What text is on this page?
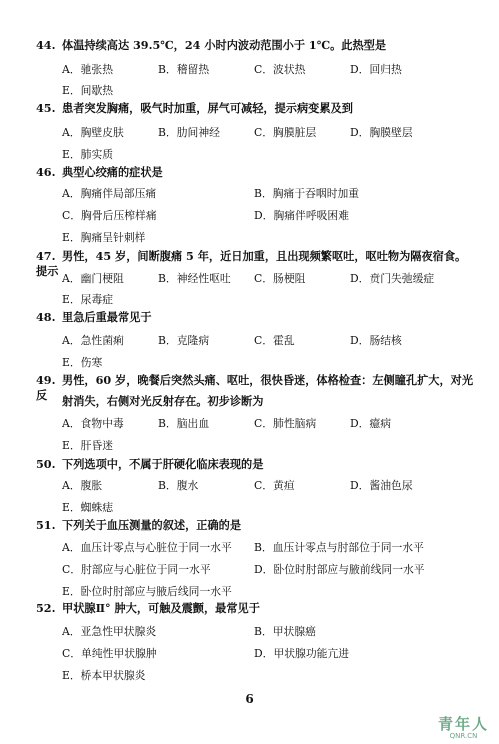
44. 体温持续高达 39.5℃，24 小时内波动范围小于 1℃。此热型是
A．驰张热	B．稽留热	C．波状热	D．回归热
E．间歇热
45. 患者突发胸痛，吸气时加重，屏气可减轻，提示病变累及到
A．胸壁皮肤	B．肋间神经	C．胸膜脏层	D．胸膜壁层
E．肺实质
46. 典型心绞痛的症状是
A．胸痛伴局部压痛	B．胸痛于吞咽时加重
C．胸骨后压榨样痛	D．胸痛伴呼吸困难
E．胸痛呈针刺样
47. 男性，45 岁，间断腹痛 5 年，近日加重，且出现频繁呕吐，呕吐物为隔夜宿食。提示
A．幽门梗阻	B．神经性呕吐 C．肠梗阻	D．贲门失弛缓症
E．尿毒症
48. 里急后重最常见于
A．急性菌痢	B．克隆病	C．霍乱	D．肠结核
E．伤寒
49. 男性，60 岁，晚餐后突然头痛、呕吐，很快昏迷，体格检查：左侧瞳孔扩大，对光反 射消失，右侧对光反射存在。初步诊断为
A．食物中毒	B．脑出血	C．肺性脑病	D．癔病
E．肝昏迷
50. 下列选项中，不属于肝硬化临床表现的是
A．腹胀	B．腹水	C．黄疸	D．酱油色尿
E．蜘蛛痣
51. 下列关于血压测量的叙述，正确的是
A．血压计零点与心脏位于同一水平 B．血压计零点与肘部位于同一水平
C．肘部应与心脏位于同一水平	D．卧位时肘部应与腋前线同一水平
E．卧位时肘部应与腋后线同一水平
52. 甲状腺Ⅱ° 肿大，可触及震颤，最常见于
A．亚急性甲状腺炎	B．甲状腺癌
C．单纯性甲状腺肿	D．甲状腺功能亢进
E．桥本甲状腺炎
6
青年人
QNR.CN
